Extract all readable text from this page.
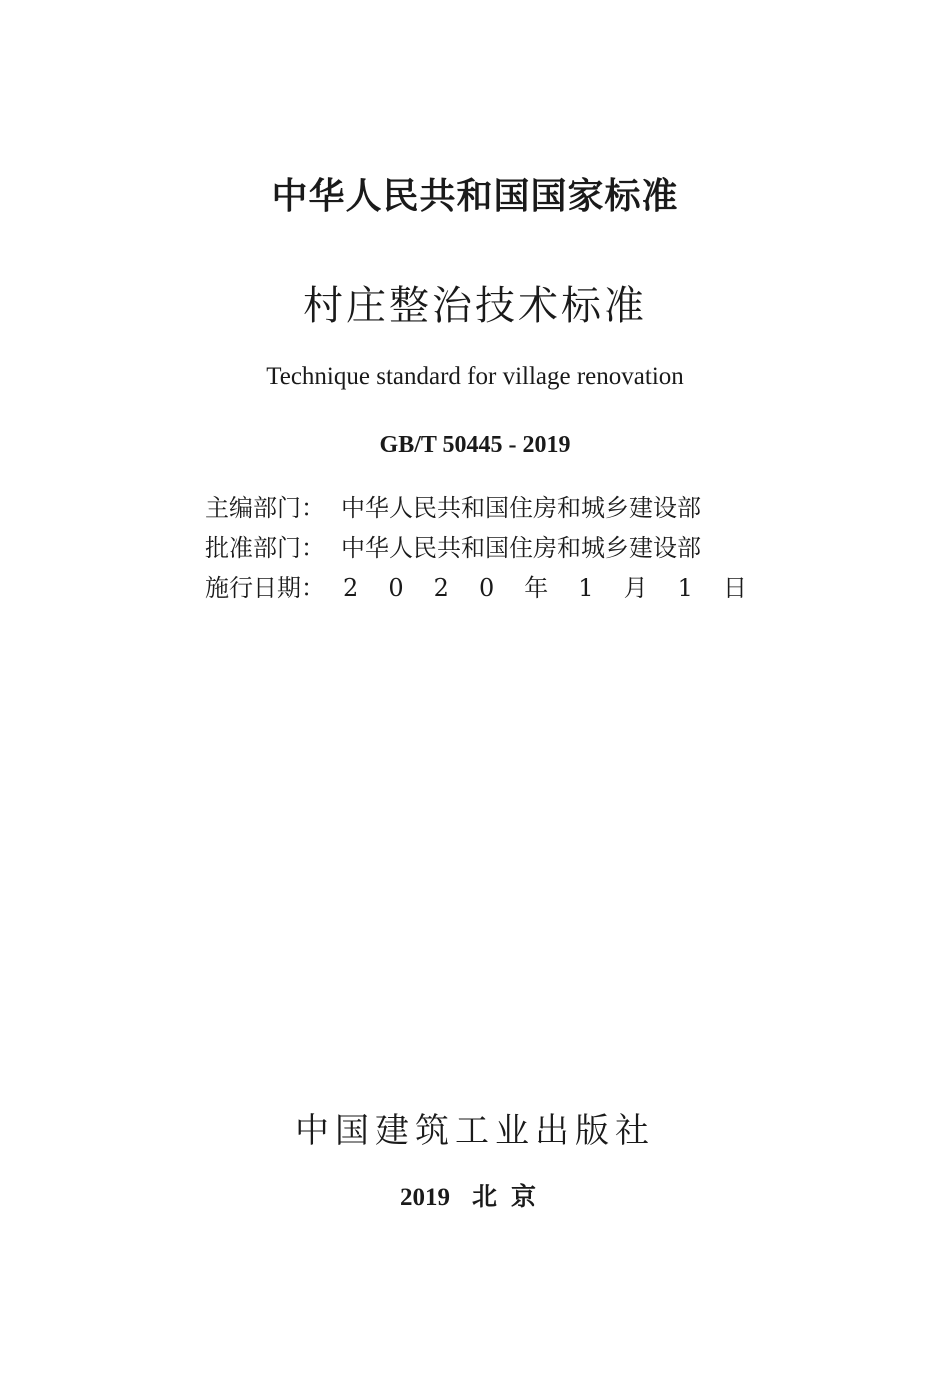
中华人民共和国国家标准
村庄整治技术标准
Technique standard for village renovation
GB/T 50445 - 2019
主编部门： 中华人民共和国住房和城乡建设部
批准部门： 中华人民共和国住房和城乡建设部
施行日期： 2 0 2 0 年 1 月 1 日
中国建筑工业出版社
2019 北京
